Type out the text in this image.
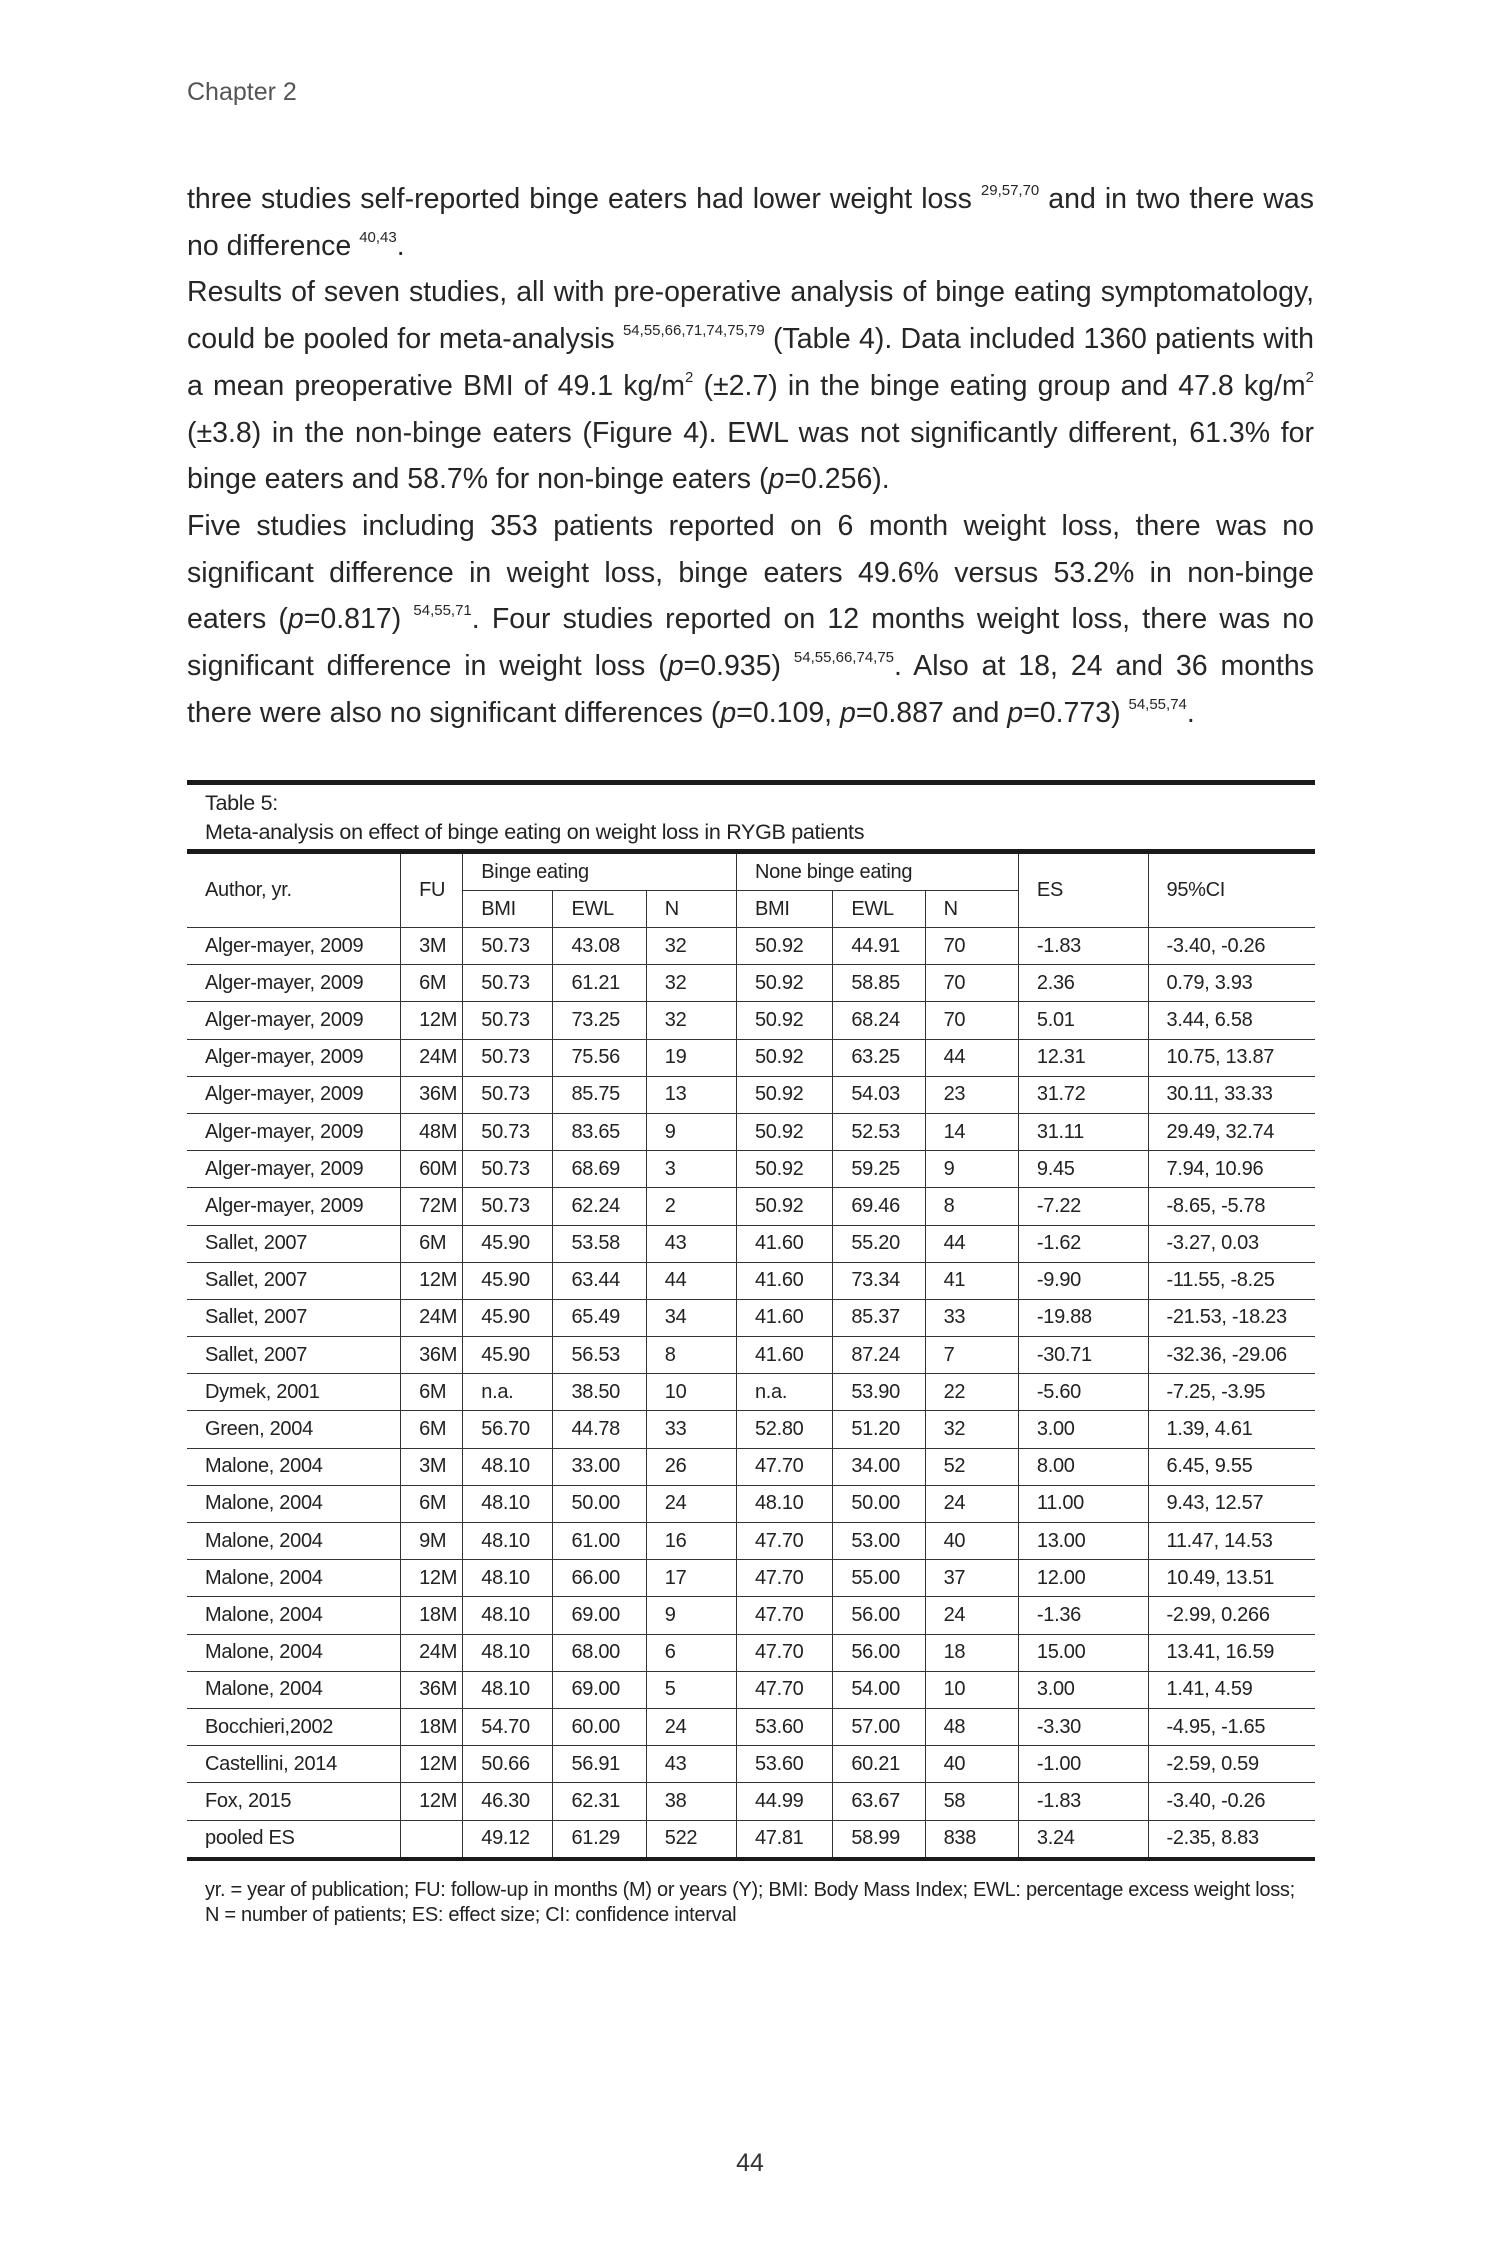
Chapter 2

three studies self-reported binge eaters had lower weight loss $^{29,57,70}$ and in two there was no difference $^{40,43}$.

Results of seven studies, all with pre-operative analysis of binge eating symptomatology, could be pooled for meta-analysis $^{54,55,66,71,74,75,79}$ (Table 4). Data included 1360 patients with a mean preoperative BMI of 49.1 $kg/m^2$ (±2.7) in the binge eating group and 47.8 $kg/m^2$ (±3.8) in the non-binge eaters (Figure 4). EWL was not significantly different, 61.3% for binge eaters and 58.7% for non-binge eaters (p=0.256).

Five studies including 353 patients reported on 6 month weight loss, there was no significant difference in weight loss, binge eaters 49.6% versus 53.2% in non-binge eaters (p=0.817) $^{54,55,71}$. Four studies reported on 12 months weight loss, there was no significant difference in weight loss (p=0.935) $^{54,55,66,74,75}$. Also at 18, 24 and 36 months there were also no significant differences (p=0.109, p=0.887 and p=0.773) $^{54,55,74}$.

Table 5:
Meta-analysis on effect of binge eating on weight loss in RYGB patients
Author, yr.	FU	Binge eating			None binge eating			ES	95%CI
		BMI	EWL	N	BMI	EWL	N		
Alger-mayer, 2009	3M	50.73	43.08	32	50.92	44.91	70	-1.83	-3.40, -0.26
Alger-mayer, 2009	6M	50.73	61.21	32	50.92	58.85	70	2.36	0.79, 3.93
Alger-mayer, 2009	12M	50.73	73.25	32	50.92	68.24	70	5.01	3.44, 6.58
Alger-mayer, 2009	24M	50.73	75.56	19	50.92	63.25	44	12.31	10.75, 13.87
Alger-mayer, 2009	36M	50.73	85.75	13	50.92	54.03	23	31.72	30.11, 33.33
Alger-mayer, 2009	48M	50.73	83.65	9	50.92	52.53	14	31.11	29.49, 32.74
Alger-mayer, 2009	60M	50.73	68.69	3	50.92	59.25	9	9.45	7.94, 10.96
Alger-mayer, 2009	72M	50.73	62.24	2	50.92	69.46	8	-7.22	-8.65, -5.78
Sallet, 2007	6M	45.90	53.58	43	41.60	55.20	44	-1.62	-3.27, 0.03
Sallet, 2007	12M	45.90	63.44	44	41.60	73.34	41	-9.90	-11.55, -8.25
Sallet, 2007	24M	45.90	65.49	34	41.60	85.37	33	-19.88	-21.53, -18.23
Sallet, 2007	36M	45.90	56.53	8	41.60	87.24	7	-30.71	-32.36, -29.06
Dymek, 2001	6M	n.a.	38.50	10	n.a.	53.90	22	-5.60	-7.25, -3.95
Green, 2004	6M	56.70	44.78	33	52.80	51.20	32	3.00	1.39, 4.61
Malone, 2004	3M	48.10	33.00	26	47.70	34.00	52	8.00	6.45, 9.55
Malone, 2004	6M	48.10	50.00	24	48.10	50.00	24	11.00	9.43, 12.57
Malone, 2004	9M	48.10	61.00	16	47.70	53.00	40	13.00	11.47, 14.53
Malone, 2004	12M	48.10	66.00	17	47.70	55.00	37	12.00	10.49, 13.51
Malone, 2004	18M	48.10	69.00	9	47.70	56.00	24	-1.36	-2.99, 0.266
Malone, 2004	24M	48.10	68.00	6	47.70	56.00	18	15.00	13.41, 16.59
Malone, 2004	36M	48.10	69.00	5	47.70	54.00	10	3.00	1.41, 4.59
Bocchieri,2002	18M	54.70	60.00	24	53.60	57.00	48	-3.30	-4.95, -1.65
Castellini, 2014	12M	50.66	56.91	43	53.60	60.21	40	-1.00	-2.59, 0.59
Fox, 2015	12M	46.30	62.31	38	44.99	63.67	58	-1.83	-3.40, -0.26
pooled ES		49.12	61.29	522	47.81	58.99	838	3.24	-2.35, 8.83
yr. = year of publication; FU: follow-up in months (M) or years (Y); BMI: Body Mass Index; EWL: percentage excess weight loss;
N = number of patients; ES: effect size; CI: confidence interval
44
